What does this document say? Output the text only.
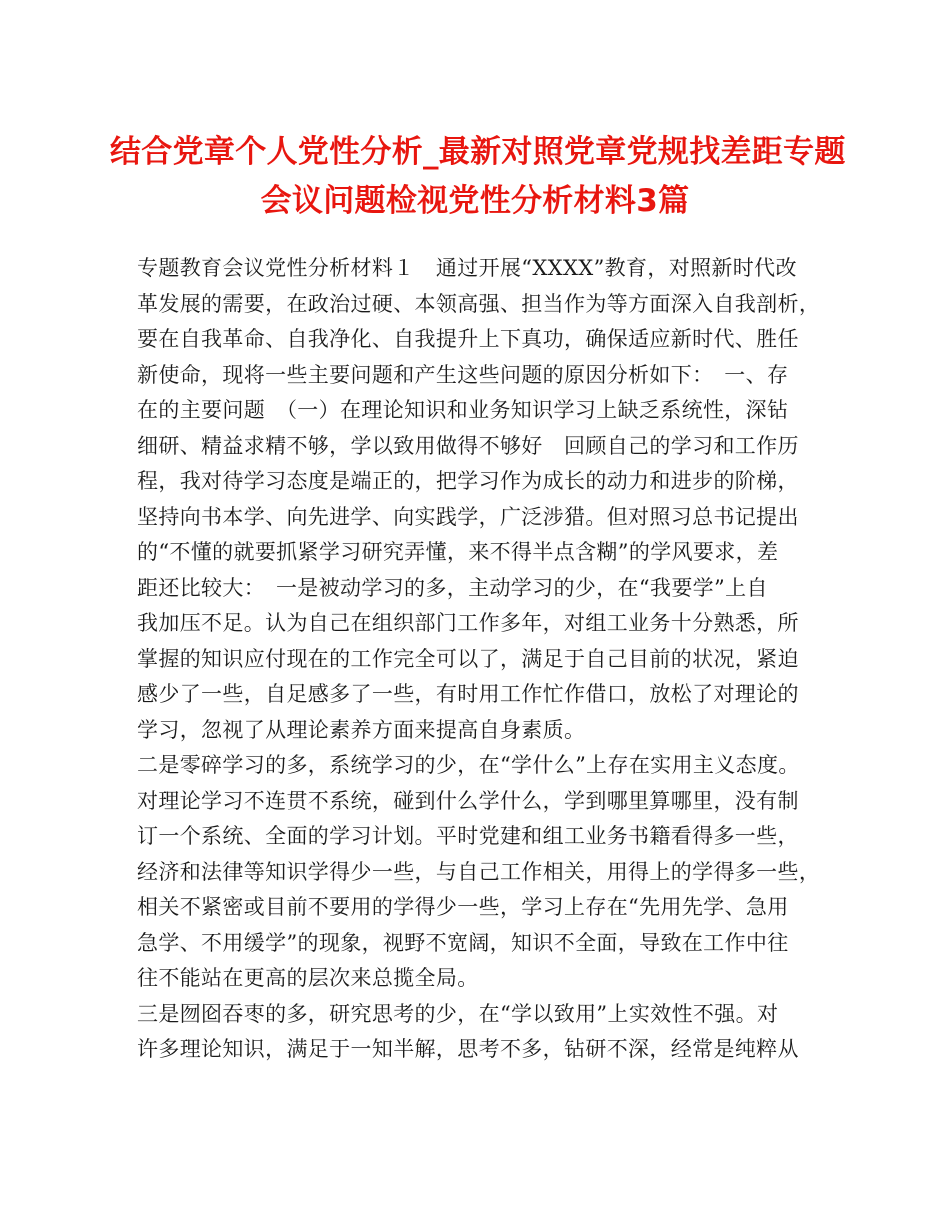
结合党章个人党性分析_最新对照党章党规找差距专题
会议问题检视党性分析材料3篇
专题教育会议党性分析材料１　通过开展“XXXX”教育，对照新时代改
革发展的需要，在政治过硬、本领高强、担当作为等方面深入自我剖析，
要在自我革命、自我净化、自我提升上下真功，确保适应新时代、胜任
新使命，现将一些主要问题和产生这些问题的原因分析如下：　一、存
在的主要问题　（一）在理论知识和业务知识学习上缺乏系统性，深钻
细研、精益求精不够，学以致用做得不够好　回顾自己的学习和工作历
程，我对待学习态度是端正的，把学习作为成长的动力和进步的阶梯，
坚持向书本学、向先进学、向实践学，广泛涉猎。但对照习总书记提出
的“不懂的就要抓紧学习研究弄懂，来不得半点含糊”的学风要求，差
距还比较大：　一是被动学习的多，主动学习的少，在“我要学”上自
我加压不足。认为自己在组织部门工作多年，对组工业务十分熟悉，所
掌握的知识应付现在的工作完全可以了，满足于自己目前的状况，紧迫
感少了一些，自足感多了一些，有时用工作忙作借口，放松了对理论的
学习，忽视了从理论素养方面来提高自身素质。
二是零碎学习的多，系统学习的少，在“学什么”上存在实用主义态度。
对理论学习不连贯不系统，碰到什么学什么，学到哪里算哪里，没有制
订一个系统、全面的学习计划。平时党建和组工业务书籍看得多一些，
经济和法律等知识学得少一些，与自己工作相关，用得上的学得多一些，
相关不紧密或目前不要用的学得少一些，学习上存在“先用先学、急用
急学、不用缓学”的现象，视野不宽阔，知识不全面，导致在工作中往
往不能站在更高的层次来总揽全局。
三是囫囵吞枣的多，研究思考的少，在“学以致用”上实效性不强。对
许多理论知识，满足于一知半解，思考不多，钻研不深，经常是纯粹从
